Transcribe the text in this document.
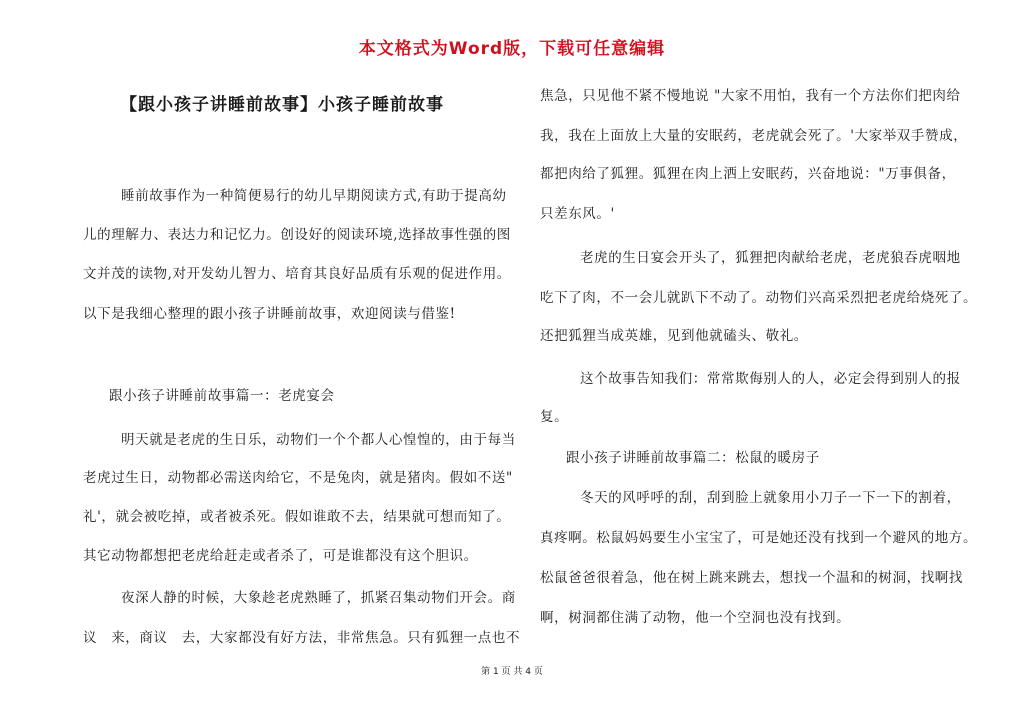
本文格式为Word版，下载可任意编辑
【跟小孩子讲睡前故事】小孩子睡前故事
睡前故事作为一种简便易行的幼儿早期阅读方式,有助于提高幼
儿的理解力、表达力和记忆力。创设好的阅读环境,选择故事性强的图
文并茂的读物,对开发幼儿智力、培育其良好品质有乐观的促进作用。
以下是我细心整理的跟小孩子讲睡前故事，欢迎阅读与借鉴!
跟小孩子讲睡前故事篇一：老虎宴会
明天就是老虎的生日乐，动物们一个个都人心惶惶的，由于每当
老虎过生日，动物都必需送肉给它，不是兔肉，就是猪肉。假如不送"
礼'，就会被吃掉，或者被杀死。假如谁敢不去，结果就可想而知了。
其它动物都想把老虎给赶走或者杀了，可是谁都没有这个胆识。
夜深人静的时候，大象趁老虎熟睡了，抓紧召集动物们开会。商
议　来，商议　去，大家都没有好方法，非常焦急。只有狐狸一点也不
焦急，只见他不紧不慢地说 "大家不用怕，我有一个方法你们把肉给
我，我在上面放上大量的安眠药，老虎就会死了。'大家举双手赞成，
都把肉给了狐狸。狐狸在肉上洒上安眠药，兴奋地说："万事俱备，
只差东风。'
老虎的生日宴会开头了，狐狸把肉献给老虎，老虎狼吞虎咽地
吃下了肉，不一会儿就趴下不动了。动物们兴高采烈把老虎给烧死了。
还把狐狸当成英雄，见到他就磕头、敬礼。
这个故事告知我们：常常欺侮别人的人，必定会得到别人的报
复。
跟小孩子讲睡前故事篇二：松鼠的暖房子
冬天的风呼呼的刮，刮到脸上就象用小刀子一下一下的割着，
真疼啊。松鼠妈妈要生小宝宝了，可是她还没有找到一个避风的地方。
松鼠爸爸很着急，他在树上跳来跳去，想找一个温和的树洞，找啊找
啊，树洞都住满了动物，他一个空洞也没有找到。
第 1 页 共 4 页
